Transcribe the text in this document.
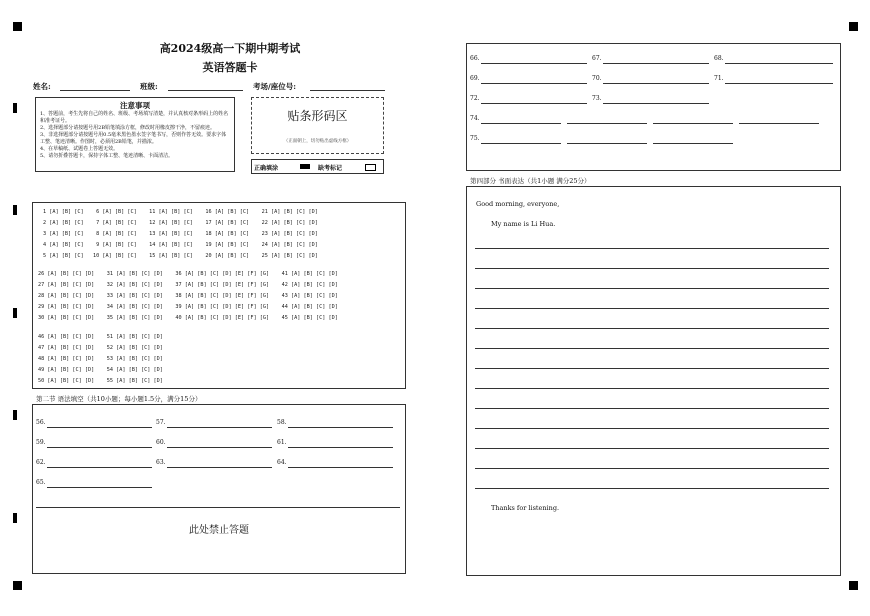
高2024级高一下期中期考试
英语答题卡
姓名:	班级:	考场/座位号:
注意事项
1、答题前，考生先将自己的姓名、班级、考场填写清楚，并认真核对条形码上的姓名和准考证号。
2、选择题部分请按题号用2B铅笔填涂方框，修改时用橡皮擦干净，不留痕迹。
3、非选择题部分请按题号用0.5毫米黑色墨水签字笔书写，否则作答无效。要求字体工整、笔迹清晰。作图时，必须用2B铅笔，并描浓。
4、在草稿纸、试题卷上答题无效。
5、请勿折叠答题卡，保持字体工整、笔迹清晰、卡面清洁。
贴条形码区
（正面朝上，切勿贴出虚线方框）
正确填涂	缺考标记
1 [A] [B] [C]    6 [A] [B] [C]    11 [A] [B] [C]    16 [A] [B] [C]    21 [A] [B] [C] [D]
2 [A] [B] [C]    7 [A] [B] [C]    12 [A] [B] [C]    17 [A] [B] [C]    22 [A] [B] [C] [D]
3 [A] [B] [C]    8 [A] [B] [C]    13 [A] [B] [C]    18 [A] [B] [C]    23 [A] [B] [C] [D]
4 [A] [B] [C]    9 [A] [B] [C]    14 [A] [B] [C]    19 [A] [B] [C]    24 [A] [B] [C] [D]
5 [A] [B] [C]   10 [A] [B] [C]    15 [A] [B] [C]    20 [A] [B] [C]    25 [A] [B] [C] [D]
26 [A] [B] [C] [D]    31 [A] [B] [C] [D]    36 [A] [B] [C] [D] [E] [F] [G]    41 [A] [B] [C] [D]
27 [A] [B] [C] [D]    32 [A] [B] [C] [D]    37 [A] [B] [C] [D] [E] [F] [G]    42 [A] [B] [C] [D]
28 [A] [B] [C] [D]    33 [A] [B] [C] [D]    38 [A] [B] [C] [D] [E] [F] [G]    43 [A] [B] [C] [D]
29 [A] [B] [C] [D]    34 [A] [B] [C] [D]    39 [A] [B] [C] [D] [E] [F] [G]    44 [A] [B] [C] [D]
30 [A] [B] [C] [D]    35 [A] [B] [C] [D]    40 [A] [B] [C] [D] [E] [F] [G]    45 [A] [B] [C] [D]
46 [A] [B] [C] [D]    51 [A] [B] [C] [D]
47 [A] [B] [C] [D]    52 [A] [B] [C] [D]
48 [A] [B] [C] [D]    53 [A] [B] [C] [D]
49 [A] [B] [C] [D]    54 [A] [B] [C] [D]
50 [A] [B] [C] [D]    55 [A] [B] [C] [D]
第二节 语法填空（共10小题；每小题1.5分，满分15分）
56.	57.	58.
59.	60.	61.
62.	63.	64.
65.
此处禁止答题
66.	67.	68.
69.	70.	71.
72.	73.
74.
75.
第四部分 书面表达（共1小题 满分25分）
Good morning, everyone,
My name is Li Hua.
Thanks for listening.
